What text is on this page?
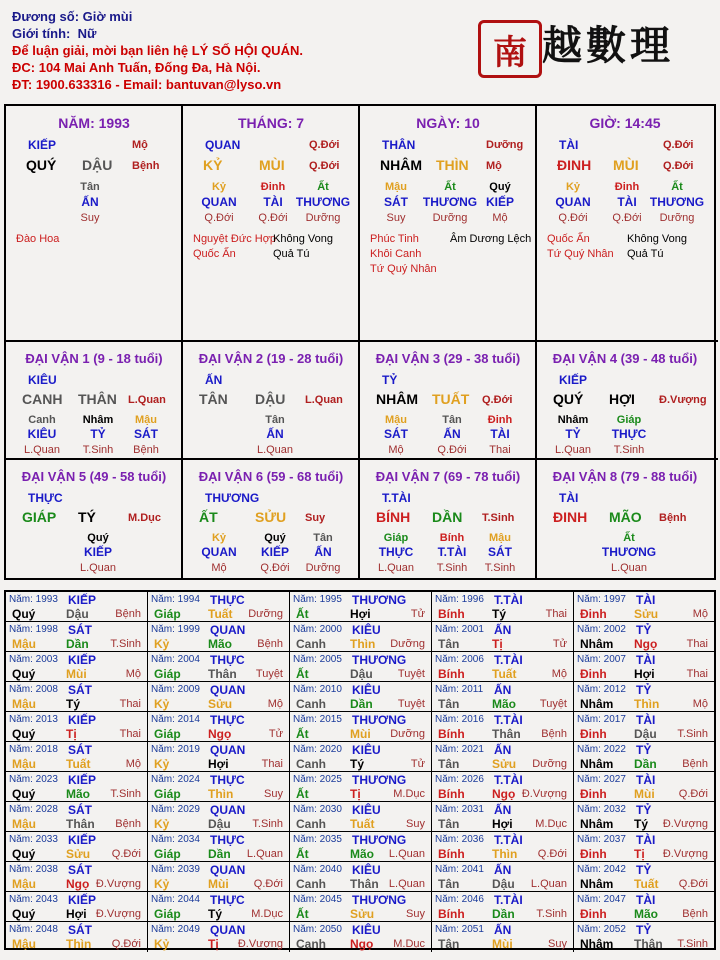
Đương số: Giờ mùi
Giới tính: Nữ
Để luận giải, mời bạn liên hệ LÝ SỐ HỘI QUÁN.
ĐC: 104 Mai Anh Tuấn, Đống Đa, Hà Nội.
ĐT: 1900.633316 - Email: bantuvan@lyso.vn
南 越數理
NĂM: 1993
KIẾP	Mộ
QUÝ DẬU Bệnh
Tân
ẤN
Suy
Đào Hoa
THÁNG: 7
QUAN	Q.Đới
KỶ	MÙI Q.Đới
Kỷ	Đinh	Ất
QUAN TÀI THƯƠNG
Q.Đới Q.Đới Dưỡng
Nguyệt Đức Hợp
Quốc Ấn
Không Vong
Quả Tú
NGÀY: 10
THÂN	Dưỡng
NHÂM THÌN Mộ
Mậu	Ất	Quý
SÁT THƯƠNG KIẾP
Suy Dưỡng Mộ
Phúc Tinh
Khôi Canh
Tứ Quý Nhân
Âm Dương Lệch
GIỜ: 14:45
TÀI	Q.Đới
ĐINH MÙI Q.Đới
Kỷ	Đinh	Ất
QUAN TÀI THƯƠNG
Q.Đới Q.Đới Dưỡng
Quốc Ấn
Tứ Quý Nhân
Không Vong
Quả Tú
ĐẠI VẬN 1 (9 - 18 tuổi)
KIÊU
CANH THÂN L.Quan
Canh Nhâm Mậu
KIÊU	TỶ SÁT
L.Quan T.Sinh Bệnh
ĐẠI VẬN 2 (19 - 28 tuổi)
ẤN
TÂN DẬU L.Quan
Tân
ẤN
L.Quan
ĐẠI VẬN 3 (29 - 38 tuổi)
TỶ
NHÂM TUẤT Q.Đới
Mậu	Tân Đinh
SÁT	ẤN TÀI
Mộ	Q.Đới Thai
ĐẠI VẬN 4 (39 - 48 tuổi)
KIẾP
QUÝ HỢI Đ.Vượng
Nhâm	Giáp
TỶ	THỰC
L.Quan T.Sinh
ĐẠI VẬN 5 (49 - 58 tuổi)
THỰC
GIÁP TÝ	M.Dục
Quý
KIẾP
L.Quan
ĐẠI VẬN 6 (59 - 68 tuổi)
THƯƠNG
ẤT	SỬU Suy
Kỷ	Quý	Tân
QUAN KIẾP ẤN
Mộ	Q.Đới Dưỡng
ĐẠI VẬN 7 (69 - 78 tuổi)
T.TÀI
BÍNH DẦN T.Sinh
Giáp	Bính Mậu
THỰC T.TÀI SÁT
L.Quan T.Sinh T.Sinh
ĐẠI VẬN 8 (79 - 88 tuổi)
TÀI
ĐINH MÃO Bệnh
Ất
THƯƠNG
L.Quan
Năm: 1993 KIẾP
Quý	Dậu Bệnh
Năm: 1994 THỰC
Giáp Tuất Dưỡng
Năm: 1995 THƯƠNG
Ất	Hợi	Tử
Năm: 1996 T.TÀI
Bính Tý	Thai
Năm: 1997 TÀI
Đinh Sửu	Mộ
Năm: 1998 SÁT
Mậu	Dần T.Sinh
Năm: 1999 QUAN
Kỷ	Mão Bệnh
Năm: 2000 KIÊU
Canh Thìn Dưỡng
Năm: 2001 ẤN
Tân	Tị	Tử
Năm: 2002 TỶ
Nhâm Ngọ	Thai
Năm: 2003 KIẾP
Quý	Mùi	Mộ
Năm: 2004 THỰC
Giáp Thân Tuyệt
Năm: 2005 THƯƠNG
Ất	Dậu Tuyệt
Năm: 2006 T.TÀI
Bính Tuất	Mộ
Năm: 2007 TÀI
Đinh Hợi	Thai
Năm: 2008 SÁT
Mậu	Tý	Thai
Năm: 2009 QUAN
Kỷ	Sửu	Mộ
Năm: 2010 KIÊU
Canh Dần Tuyệt
Năm: 2011 ẤN
Tân	Mão Tuyệt
Năm: 2012 TỶ
Nhâm Thìn	Mộ
Năm: 2013 KIẾP
Quý	Tị	Thai
Năm: 2014 THỰC
Giáp Ngọ	Tử
Năm: 2015 THƯƠNG
Ất	Mùi Dưỡng
Năm: 2016 T.TÀI
Bính Thân Bệnh
Năm: 2017 TÀI
Đinh Dậu T.Sinh
Năm: 2018 SÁT
Mậu	Tuất	Mộ
Năm: 2019 QUAN
Kỷ	Hợi	Thai
Năm: 2020 KIÊU
Canh Tý	Tử
Năm: 2021 ẤN
Tân	Sửu Dưỡng
Năm: 2022 TỶ
Nhâm Dần Bệnh
Năm: 2023 KIẾP
Quý	Mão T.Sinh
Năm: 2024 THỰC
Giáp Thìn	Suy
Năm: 2025 THƯƠNG
Ất	Tị	M.Dục
Năm: 2026 T.TÀI
Bính Ngọ Đ.Vượng
Năm: 2027 TÀI
Đinh Mùi Q.Đới
Năm: 2028 SÁT
Mậu	Thân Bệnh
Năm: 2029 QUAN
Kỷ	Dậu T.Sinh
Năm: 2030 KIÊU
Canh Tuất	Suy
Năm: 2031 ẤN
Tân	Hợi M.Dục
Năm: 2032 TỶ
Nhâm Tý Đ.Vượng
Năm: 2033 KIẾP
Quý	Sửu Q.Đới
Năm: 2034 THỰC
Giáp Dần L.Quan
Năm: 2035 THƯƠNG
Ất	Mão L.Quan
Năm: 2036 T.TÀI
Bính Thìn Q.Đới
Năm: 2037 TÀI
Đinh Tị Đ.Vượng
Năm: 2038 SÁT
Mậu	Ngọ Đ.Vượng
Năm: 2039 QUAN
Kỷ	Mùi Q.Đới
Năm: 2040 KIÊU
Canh Thân L.Quan
Năm: 2041 ẤN
Tân	Dậu L.Quan
Năm: 2042 TỶ
Nhâm Tuất Q.Đới
Năm: 2043 KIẾP
Quý	Hợi Đ.Vượng
Năm: 2044 THỰC
Giáp Tý	M.Dục
Năm: 2045 THƯƠNG
Ất	Sửu	Suy
Năm: 2046 T.TÀI
Bính Dần T.Sinh
Năm: 2047 TÀI
Đinh Mão Bệnh
Năm: 2048 SÁT
Mậu	Thìn Q.Đới
Năm: 2049 QUAN
Kỷ	Tị Đ.Vượng
Năm: 2050 KIÊU
Canh Ngọ M.Dục
Năm: 2051 ẤN
Tân	Mùi	Suy
Năm: 2052 TỶ
Nhâm Thân T.Sinh
